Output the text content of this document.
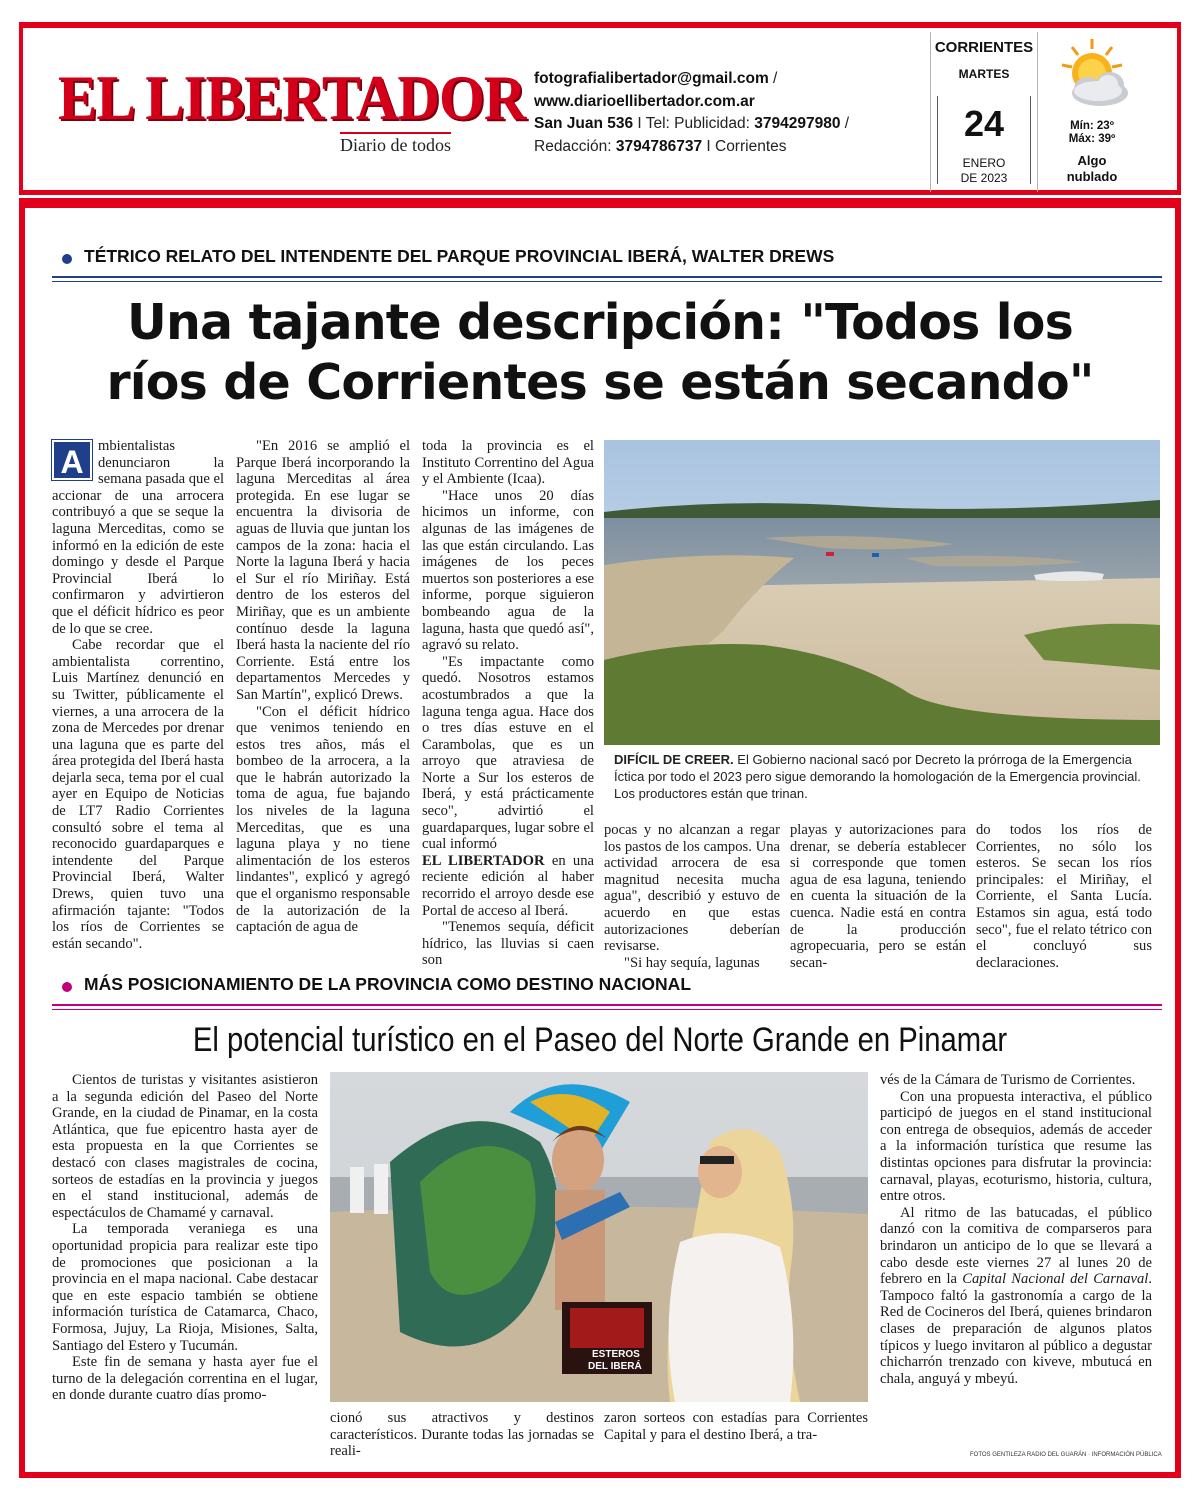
EL LIBERTADOR
Diario de todos
fotografialibertador@gmail.com /
www.diarioellibertador.com.ar
San Juan 536 I Tel: Publicidad: 3794297980 /
Redacción: 3794786737 I Corrientes
CORRIENTES
MARTES
24
ENERO
DE 2023
Mín: 23º
Máx: 39º
Algo
nublado
TÉTRICO RELATO DEL INTENDENTE DEL PARQUE PROVINCIAL IBERÁ, WALTER DREWS
Una tajante descripción: "Todos los
ríos de Corrientes se están secando"

A mbientalistas denunciaron la semana pasada que el accionar de una arrocera contribuyó a que se seque la laguna Merceditas, como se informó en la edición de este domingo y desde el Parque Provincial Iberá lo confirmaron y advirtieron que el déficit hídrico es peor de lo que se cree.

Cabe recordar que el ambientalista correntino, Luis Martínez denunció en su Twitter, públicamente el viernes, a una arrocera de la zona de Mercedes por drenar una laguna que es parte del área protegida del Iberá hasta dejarla seca, tema por el cual ayer en Equipo de Noticias de LT7 Radio Corrientes consultó sobre el tema al reconocido guardaparques e intendente del Parque Provincial Iberá, Walter Drews, quien tuvo una afirmación tajante: "Todos los ríos de Corrientes se están secando".

"En 2016 se amplió el Parque Iberá incorporando la laguna Merceditas al área protegida. En ese lugar se encuentra la divisoria de aguas de lluvia que juntan los campos de la zona: hacia el Norte la laguna Iberá y hacia el Sur el río Miriñay. Está dentro de los esteros del Miriñay, que es un ambiente contínuo desde la laguna Iberá hasta la naciente del río Corriente. Está entre los departamentos Mercedes y San Martín", explicó Drews.

"Con el déficit hídrico que venimos teniendo en estos tres años, más el bombeo de la arrocera, a la que le habrán autorizado la toma de agua, fue bajando los niveles de la laguna Merceditas, que es una laguna playa y no tiene alimentación de los esteros lindantes", explicó y agregó que el organismo responsable de la autorización de la captación de agua de

toda la provincia es el Instituto Correntino del Agua y el Ambiente (Icaa).

"Hace unos 20 días hicimos un informe, con algunas de las imágenes de las que están circulando. Las imágenes de los peces muertos son posteriores a ese informe, porque siguieron bombeando agua de la laguna, hasta que quedó así", agravó su relato.

"Es impactante como quedó. Nosotros estamos acostumbrados a que la laguna tenga agua. Hace dos o tres días estuve en el Carambolas, que es un arroyo que atraviesa de Norte a Sur los esteros de Iberá, y está prácticamente seco", advirtió el guardaparques, lugar sobre el cual informó

EL LIBERTADOR en una reciente edición al haber recorrido el arroyo desde ese Portal de acceso al Iberá.

"Tenemos sequía, déficit hídrico, las lluvias si caen son

DIFÍCIL DE CREER. El Gobierno nacional sacó por Decreto la prórroga de la Emergencia Íctica por todo el 2023 pero sigue demorando la homologación de la Emergencia provincial. Los productores están que trinan.

pocas y no alcanzan a regar los pastos de los campos. Una actividad arrocera de esa magnitud necesita mucha agua", describió y estuvo de acuerdo en que estas autorizaciones deberían revisarse.

"Si hay sequía, lagunas

playas y autorizaciones para drenar, se debería establecer si corresponde que tomen agua de esa laguna, teniendo en cuenta la situación de la cuenca. Nadie está en contra de la producción agropecuaria, pero se están secan-

do todos los ríos de Corrientes, no sólo los esteros. Se secan los ríos principales: el Miriñay, el Corriente, el Santa Lucía. Estamos sin agua, está todo seco", fue el relato tétrico con el concluyó sus declaraciones.

MÁS POSICIONAMIENTO DE LA PROVINCIA COMO DESTINO NACIONAL
El potencial turístico en el Paseo del Norte Grande en Pinamar

Cientos de turistas y visitantes asistieron a la segunda edición del Paseo del Norte Grande, en la ciudad de Pinamar, en la costa Atlántica, que fue epicentro hasta ayer de esta propuesta en la que Corrientes se destacó con clases magistrales de cocina, sorteos de estadías en la provincia y juegos en el stand institucional, además de espectáculos de Chamamé y carnaval.

La temporada veraniega es una oportunidad propicia para realizar este tipo de promociones que posicionan a la provincia en el mapa nacional. Cabe destacar que en este espacio también se obtiene información turística de Catamarca, Chaco, Formosa, Jujuy, La Rioja, Misiones, Salta, Santiago del Estero y Tucumán.

Este fin de semana y hasta ayer fue el turno de la delegación correntina en el lugar, en donde durante cuatro días promo-

ESTEROS
DEL IBERÁ

cionó sus atractivos y destinos característicos. Durante todas las jornadas se reali-

zaron sorteos con estadías para Corrientes Capital y para el destino Iberá, a tra-

vés de la Cámara de Turismo de Corrientes.

Con una propuesta interactiva, el público participó de juegos en el stand institucional con entrega de obsequios, además de acceder a la información turística que resume las distintas opciones para disfrutar la provincia: carnaval, playas, ecoturismo, historia, cultura, entre otros.

Al ritmo de las batucadas, el público danzó con la comitiva de comparseros para brindaron un anticipo de lo que se llevará a cabo desde este viernes 27 al lunes 20 de febrero en la Capital Nacional del Carnaval. Tampoco faltó la gastronomía a cargo de la Red de Cocineros del Iberá, quienes brindaron clases de preparación de algunos platos típicos y luego invitaron al público a degustar chicharrón trenzado con kiveve, mbutucá en chala, anguyá y mbeyú.

FOTOS GENTILEZA RADIO DEL GUARÁN · INFORMACIÓN PÚBLICA
